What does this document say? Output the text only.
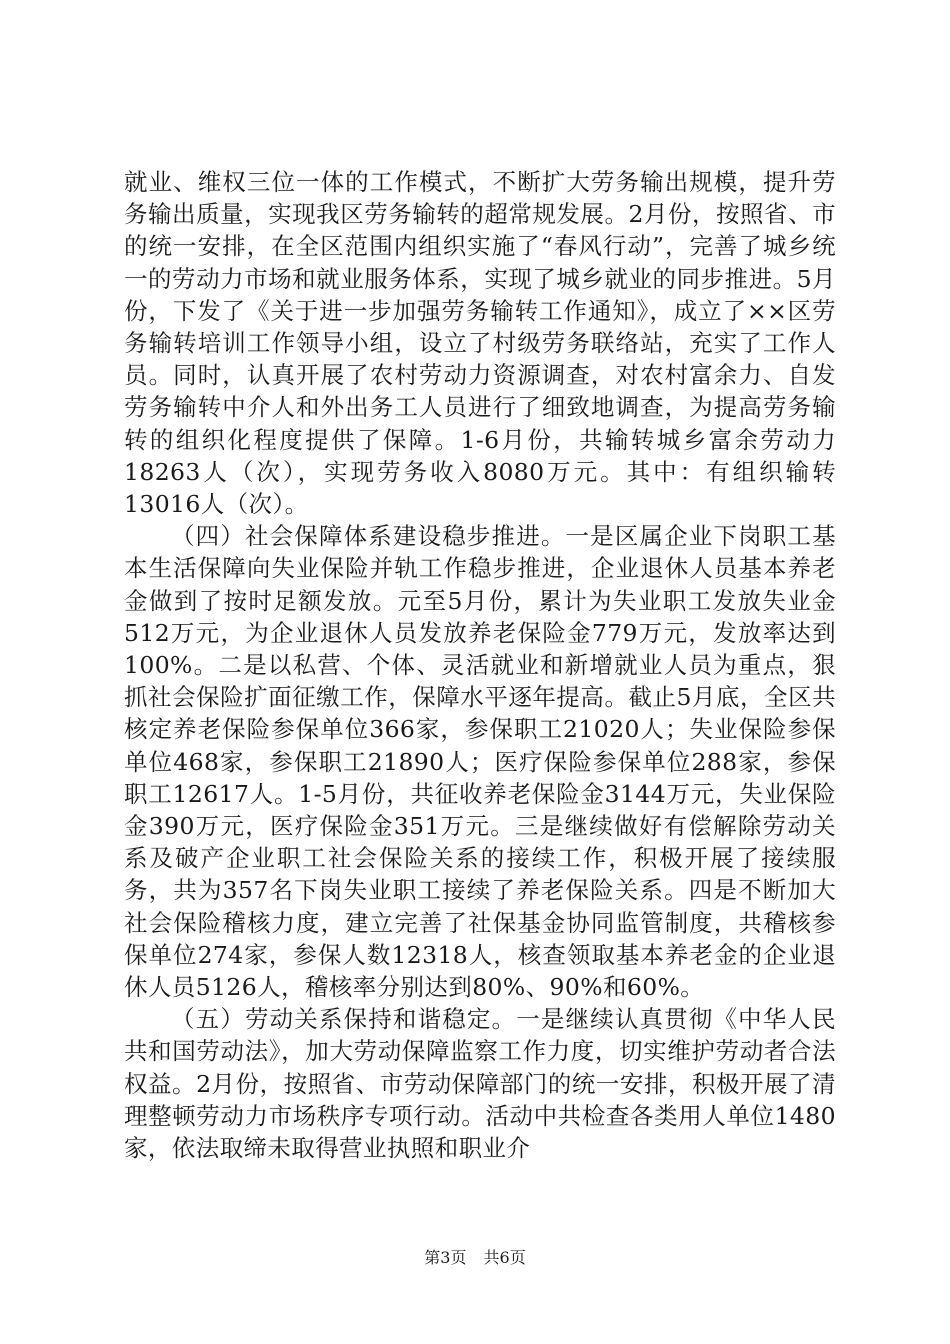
就业、维权三位一体的工作模式，不断扩大劳务输出规模，提升劳务输出质量，实现我区劳务输转的超常规发展。2月份，按照省、市的统一安排，在全区范围内组织实施了“春风行动”，完善了城乡统一的劳动力市场和就业服务体系，实现了城乡就业的同步推进。5月份，下发了《关于进一步加强劳务输转工作通知》，成立了××区劳务输转培训工作领导小组，设立了村级劳务联络站，充实了工作人员。同时，认真开展了农村劳动力资源调查，对农村富余力、自发劳务输转中介人和外出务工人员进行了细致地调查，为提高劳务输转的组织化程度提供了保障。1-6月份，共输转城乡富余劳动力18263人（次），实现劳务收入8080万元。其中：有组织输转13016人（次）。

（四）社会保障体系建设稳步推进。一是区属企业下岗职工基本生活保障向失业保险并轨工作稳步推进，企业退休人员基本养老金做到了按时足额发放。元至5月份，累计为失业职工发放失业金512万元，为企业退休人员发放养老保险金779万元，发放率达到100%。二是以私营、个体、灵活就业和新增就业人员为重点，狠抓社会保险扩面征缴工作，保障水平逐年提高。截止5月底，全区共核定养老保险参保单位366家，参保职工21020人；失业保险参保单位468家，参保职工21890人；医疗保险参保单位288家，参保职工12617人。1-5月份，共征收养老保险金3144万元，失业保险金390万元，医疗保险金351万元。三是继续做好有偿解除劳动关系及破产企业职工社会保险关系的接续工作，积极开展了接续服务，共为357名下岗失业职工接续了养老保险关系。四是不断加大社会保险稽核力度，建立完善了社保基金协同监管制度，共稽核参保单位274家，参保人数12318人，核查领取基本养老金的企业退休人员5126人，稽核率分别达到80%、90%和60%。

（五）劳动关系保持和谐稳定。一是继续认真贯彻《中华人民共和国劳动法》，加大劳动保障监察工作力度，切实维护劳动者合法权益。2月份，按照省、市劳动保障部门的统一安排，积极开展了清理整顿劳动力市场秩序专项行动。活动中共检查各类用人单位1480家，依法取缔未取得营业执照和职业介

第3页 共6页
